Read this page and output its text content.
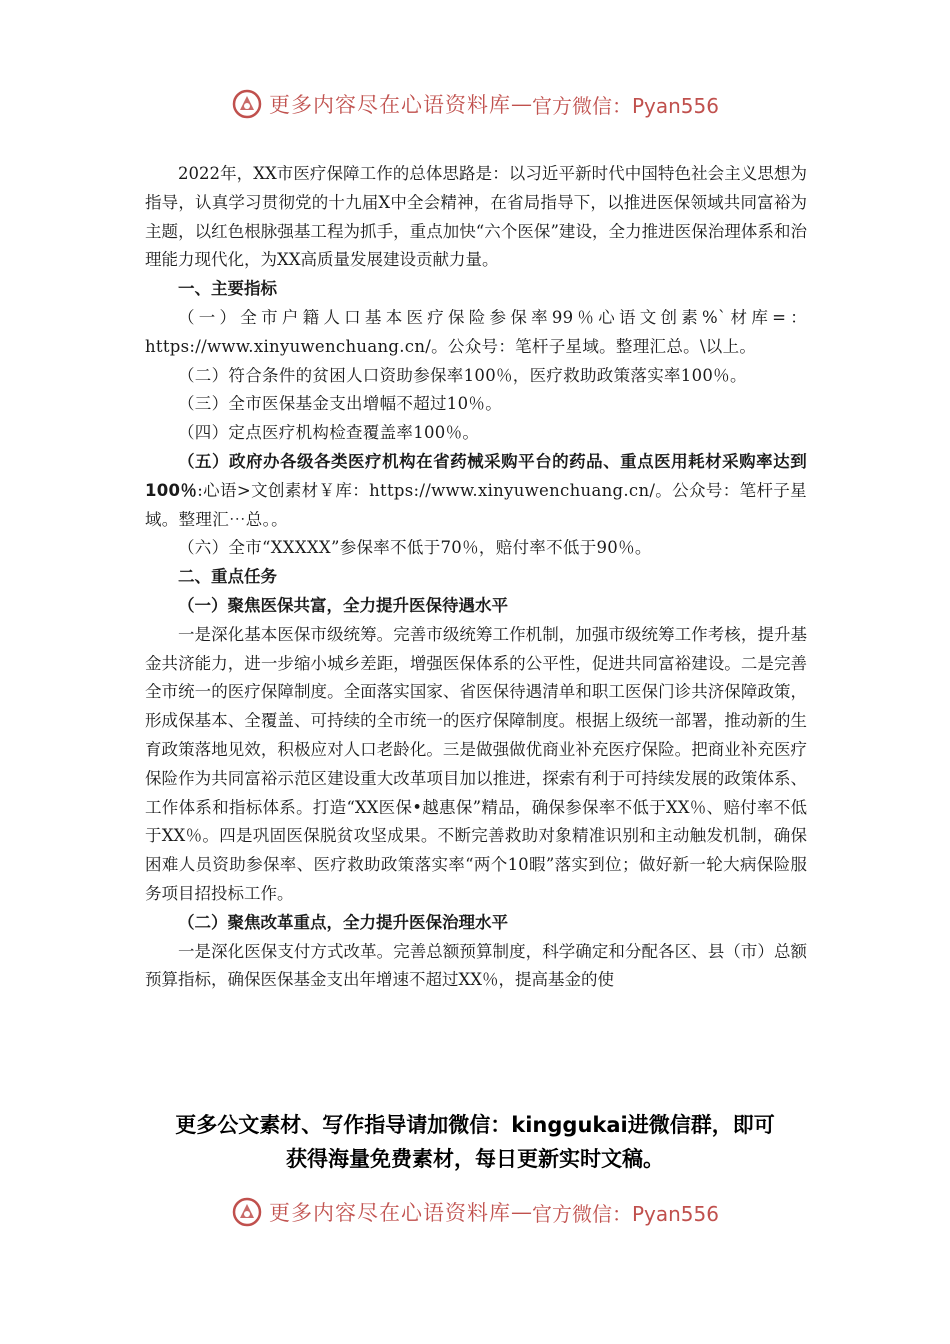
更多内容尽在心语资料库 — 官方微信：Pyan556

2022年，XX市医疗保障工作的总体思路是：以习近平新时代中国特色社会主义思想为指导，认真学习贯彻党的十九届X中全会精神，在省局指导下，以推进医保领域共同富裕为主题，以红色根脉强基工程为抓手，重点加快“六个医保”建设，全力推进医保治理体系和治理能力现代化，为XX高质量发展建设贡献力量。

一、主要指标

（一）全市户籍人口基本医疗保险参保率99％心语文创素%`材库=：https://www.xinyuwenchuang.cn/。公众号：笔杆子星域。整理汇总。\以上。

（二）符合条件的贫困人口资助参保率100％，医疗救助政策落实率100％。

（三）全市医保基金支出增幅不超过10％。

（四）定点医疗机构检查覆盖率100％。

（五）政府办各级各类医疗机构在省药械采购平台的药品、重点医用耗材采购率达到100％:心语>文创素材￥库：https://www.xinyuwenchuang.cn/。公众号：笔杆子星域。整理汇⋯总。。

（六）全市“XXXXX”参保率不低于70％，赔付率不低于90％。

二、重点任务

（一）聚焦医保共富，全力提升医保待遇水平

一是深化基本医保市级统筹。完善市级统筹工作机制，加强市级统筹工作考核，提升基金共济能力，进一步缩小城乡差距，增强医保体系的公平性，促进共同富裕建设。二是完善全市统一的医疗保障制度。全面落实国家、省医保待遇清单和职工医保门诊共济保障政策，形成保基本、全覆盖、可持续的全市统一的医疗保障制度。根据上级统一部署，推动新的生育政策落地见效，积极应对人口老龄化。三是做强做优商业补充医疗保险。把商业补充医疗保险作为共同富裕示范区建设重大改革项目加以推进，探索有利于可持续发展的政策体系、工作体系和指标体系。打造“XX医保•越惠保”精品，确保参保率不低于XX％、赔付率不低于XX％。四是巩固医保脱贫攻坚成果。不断完善救助对象精准识别和主动触发机制，确保困难人员资助参保率、医疗救助政策落实率“两个10暇”落实到位；做好新一轮大病保险服务项目招投标工作。

（二）聚焦改革重点，全力提升医保治理水平

一是深化医保支付方式改革。完善总额预算制度，科学确定和分配各区、县（市）总额预算指标，确保医保基金支出年增速不超过XX％，提高基金的使

更多公文素材、写作指导请加微信：kinggukai进微信群，即可
获得海量免费素材，每日更新实时文稿。
更多内容尽在心语资料库 — 官方微信：Pyan556
